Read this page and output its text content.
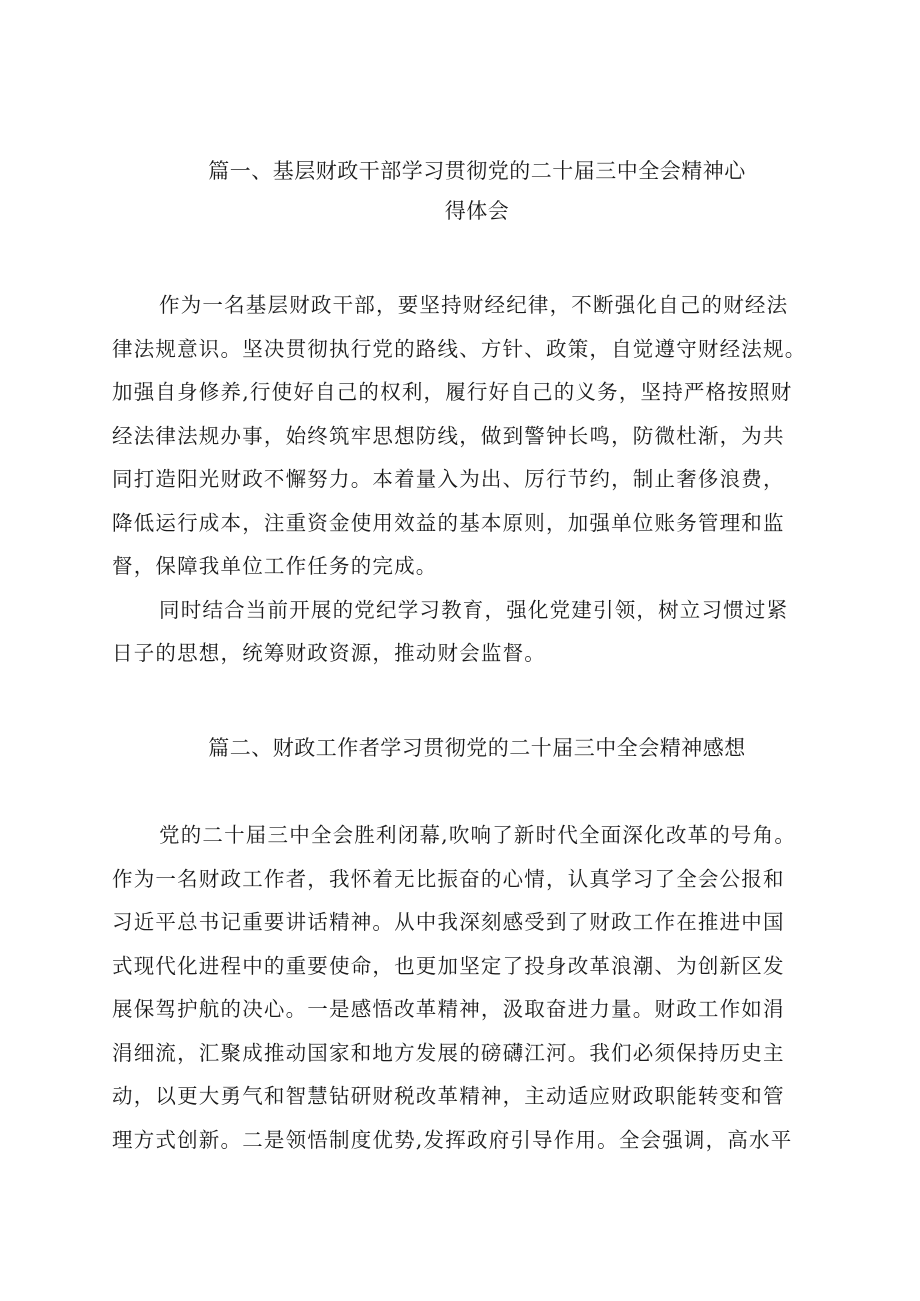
篇一、基层财政干部学习贯彻党的二十届三中全会精神心
得体会

作为一名基层财政干部，要坚持财经纪律，不断强化自己的财经法
律法规意识。坚决贯彻执行党的路线、方针、政策，自觉遵守财经法规。
加强自身修养,行使好自己的权利，履行好自己的义务，坚持严格按照财
经法律法规办事，始终筑牢思想防线，做到警钟长鸣，防微杜渐，为共
同打造阳光财政不懈努力。本着量入为出、厉行节约，制止奢侈浪费，
降低运行成本，注重资金使用效益的基本原则，加强单位账务管理和监
督，保障我单位工作任务的完成。

同时结合当前开展的党纪学习教育，强化党建引领，树立习惯过紧
日子的思想，统筹财政资源，推动财会监督。

篇二、财政工作者学习贯彻党的二十届三中全会精神感想

党的二十届三中全会胜利闭幕,吹响了新时代全面深化改革的号角。
作为一名财政工作者，我怀着无比振奋的心情，认真学习了全会公报和
习近平总书记重要讲话精神。从中我深刻感受到了财政工作在推进中国
式现代化进程中的重要使命，也更加坚定了投身改革浪潮、为创新区发
展保驾护航的决心。一是感悟改革精神，汲取奋进力量。财政工作如涓
涓细流，汇聚成推动国家和地方发展的磅礴江河。我们必须保持历史主
动，以更大勇气和智慧钻研财税改革精神，主动适应财政职能转变和管
理方式创新。二是领悟制度优势,发挥政府引导作用。全会强调，高水平
